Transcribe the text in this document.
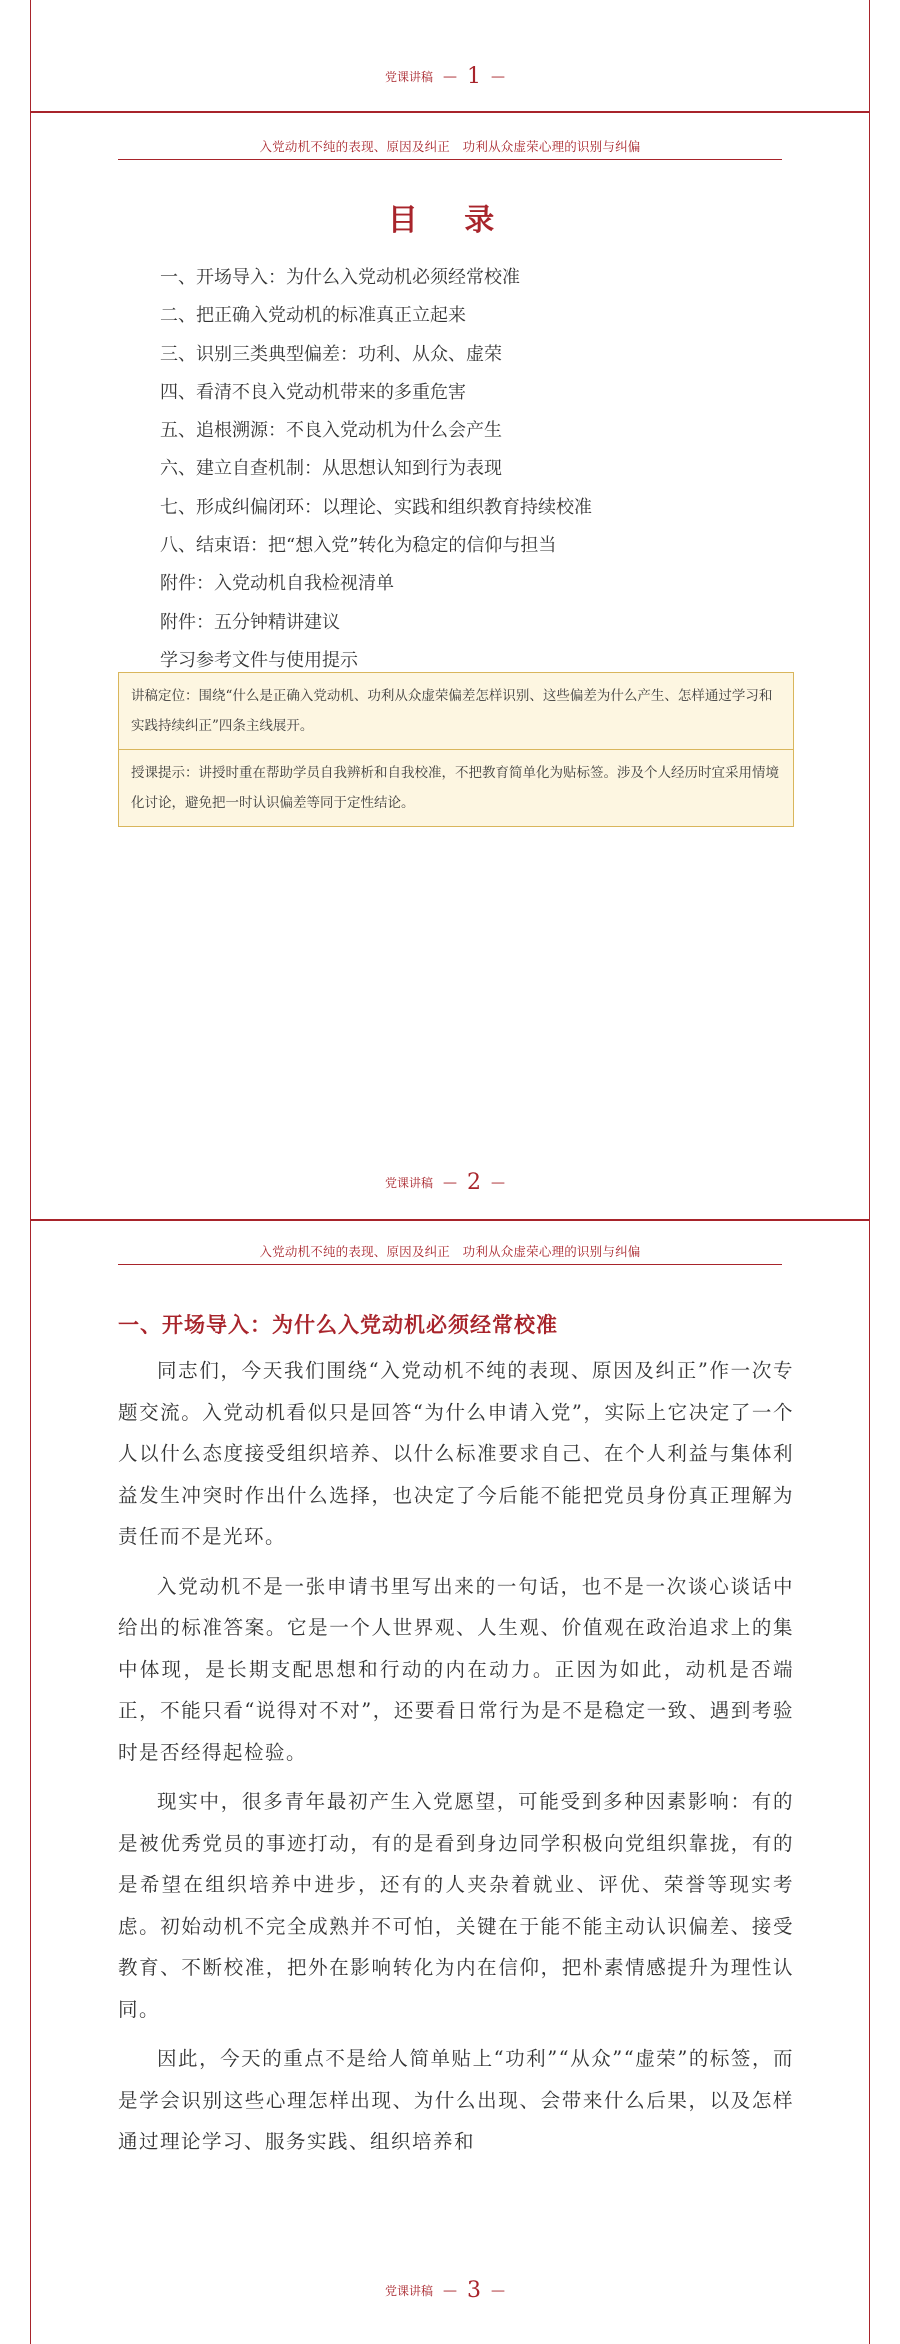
党课讲稿 — 1 —
入党动机不纯的表现、原因及纠正　功利从众虚荣心理的识别与纠偏
目 录
一、开场导入：为什么入党动机必须经常校准
二、把正确入党动机的标准真正立起来
三、识别三类典型偏差：功利、从众、虚荣
四、看清不良入党动机带来的多重危害
五、追根溯源：不良入党动机为什么会产生
六、建立自查机制：从思想认知到行为表现
七、形成纠偏闭环：以理论、实践和组织教育持续校准
八、结束语：把“想入党”转化为稳定的信仰与担当
附件：入党动机自我检视清单
附件：五分钟精讲建议
学习参考文件与使用提示

讲稿定位：围绕“什么是正确入党动机、功利从众虚荣偏差怎样识别、这些偏差为什么产生、怎样通过学习和实践持续纠正”四条主线展开。

授课提示：讲授时重在帮助学员自我辨析和自我校准，不把教育简单化为贴标签。涉及个人经历时宜采用情境化讨论，避免把一时认识偏差等同于定性结论。

党课讲稿 — 2 —
入党动机不纯的表现、原因及纠正　功利从众虚荣心理的识别与纠偏
一、开场导入：为什么入党动机必须经常校准

同志们，今天我们围绕“入党动机不纯的表现、原因及纠正”作一次专题交流。入党动机看似只是回答“为什么申请入党”，实际上它决定了一个人以什么态度接受组织培养、以什么标准要求自己、在个人利益与集体利益发生冲突时作出什么选择，也决定了今后能不能把党员身份真正理解为责任而不是光环。

入党动机不是一张申请书里写出来的一句话，也不是一次谈心谈话中给出的标准答案。它是一个人世界观、人生观、价值观在政治追求上的集中体现，是长期支配思想和行动的内在动力。正因为如此，动机是否端正，不能只看“说得对不对”，还要看日常行为是不是稳定一致、遇到考验时是否经得起检验。

现实中，很多青年最初产生入党愿望，可能受到多种因素影响：有的是被优秀党员的事迹打动，有的是看到身边同学积极向党组织靠拢，有的是希望在组织培养中进步，还有的人夹杂着就业、评优、荣誉等现实考虑。初始动机不完全成熟并不可怕，关键在于能不能主动认识偏差、接受教育、不断校准，把外在影响转化为内在信仰，把朴素情感提升为理性认同。

因此，今天的重点不是给人简单贴上“功利”“从众”“虚荣”的标签，而是学会识别这些心理怎样出现、为什么出现、会带来什么后果，以及怎样通过理论学习、服务实践、组织培养和

党课讲稿 — 3 —
